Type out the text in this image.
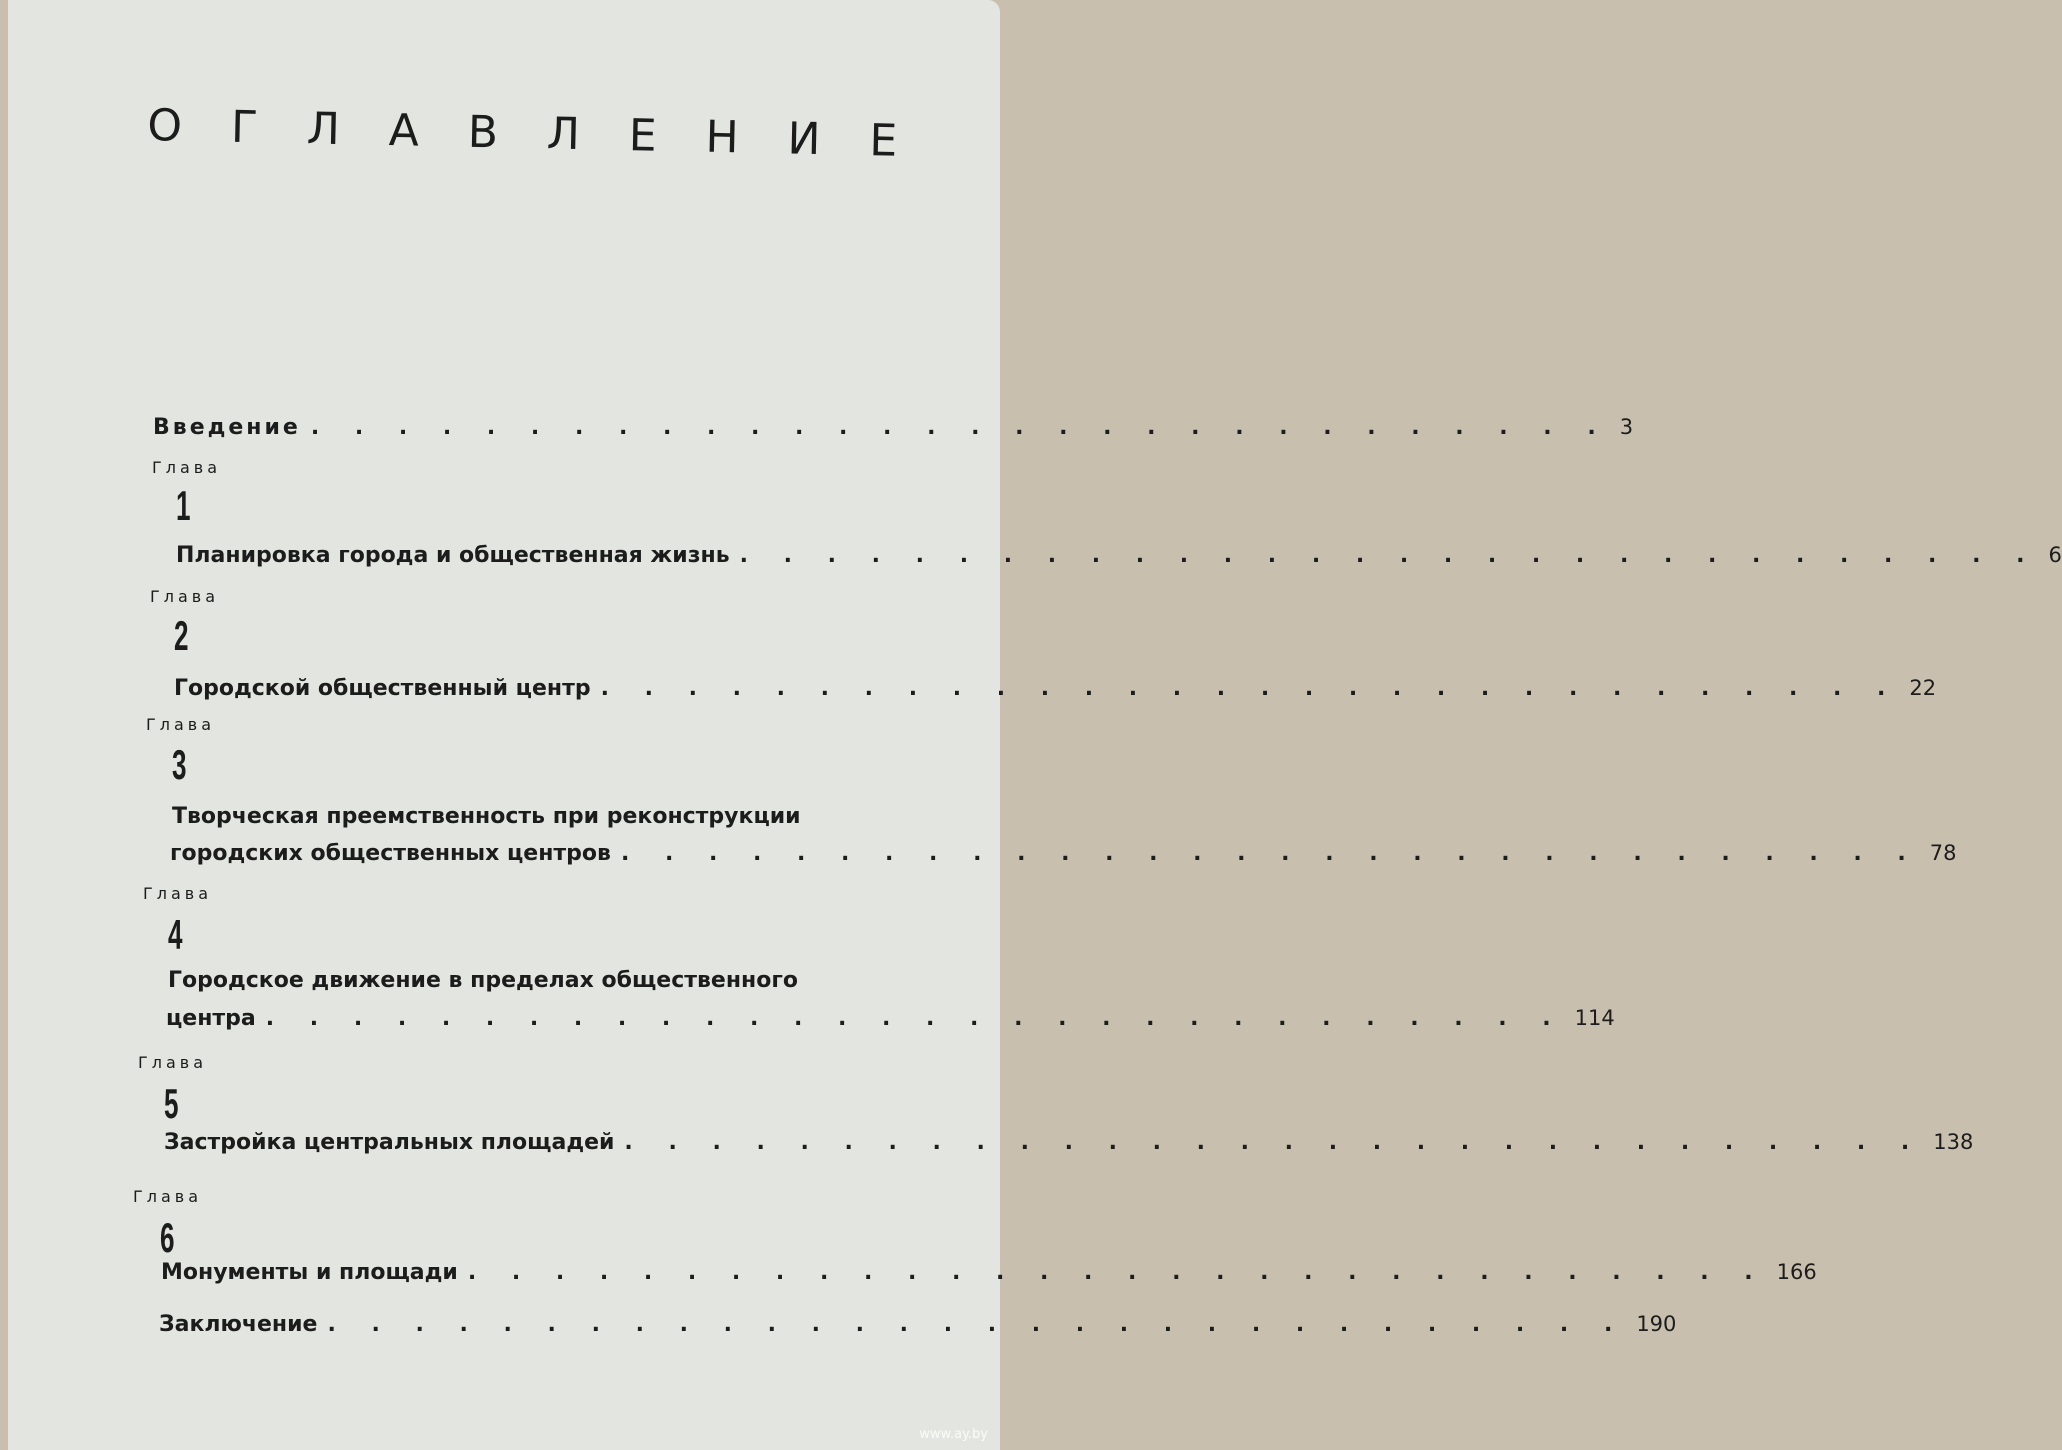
О Г Л А В Л Е Н И Е
Введение . . . . . . . . . . . . . . . . . . . . . . . . . . . . . . 3
Глава
1
Планировка города и общественная жизнь . . . . . . . . . . . . . . . . . . . . . . . . . . . . . . 6
Глава
2
Городской общественный центр . . . . . . . . . . . . . . . . . . . . . . . . . . . . . . 22
Глава
3
Творческая преемственность при реконструкции
городских общественных центров . . . . . . . . . . . . . . . . . . . . . . . . . . . . . . 78
Глава
4
Городское движение в пределах общественного
центра . . . . . . . . . . . . . . . . . . . . . . . . . . . . . . 114
Глава
5
Застройка центральных площадей . . . . . . . . . . . . . . . . . . . . . . . . . . . . . . 138
Глава
6
Монументы и площади . . . . . . . . . . . . . . . . . . . . . . . . . . . . . . 166
Заключение . . . . . . . . . . . . . . . . . . . . . . . . . . . . . . 190
www.ay.by
